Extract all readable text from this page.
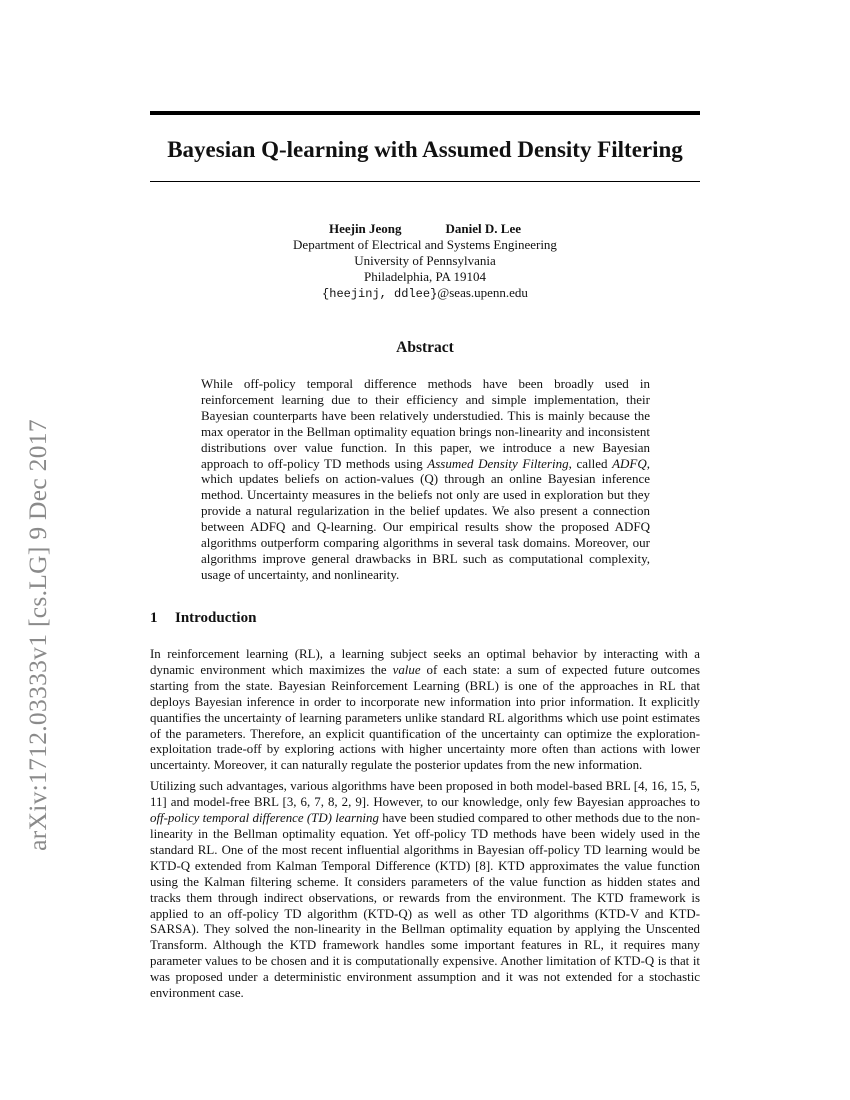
arXiv:1712.03333v1 [cs.LG] 9 Dec 2017
Bayesian Q-learning with Assumed Density Filtering
Heejin Jeong	Daniel D. Lee
Department of Electrical and Systems Engineering
University of Pennsylvania
Philadelphia, PA 19104
{heejinj, ddlee}@seas.upenn.edu
Abstract

While off-policy temporal difference methods have been broadly used in reinforcement learning due to their efficiency and simple implementation, their Bayesian counterparts have been relatively understudied. This is mainly because the max operator in the Bellman optimality equation brings non-linearity and inconsistent distributions over value function. In this paper, we introduce a new Bayesian approach to off-policy TD methods using Assumed Density Filtering, called ADFQ, which updates beliefs on action-values (Q) through an online Bayesian inference method. Uncertainty measures in the beliefs not only are used in exploration but they provide a natural regularization in the belief updates. We also present a connection between ADFQ and Q-learning. Our empirical results show the proposed ADFQ algorithms outperform comparing algorithms in several task domains. Moreover, our algorithms improve general drawbacks in BRL such as computational complexity, usage of uncertainty, and nonlinearity.

1 Introduction

In reinforcement learning (RL), a learning subject seeks an optimal behavior by interacting with a dynamic environment which maximizes the value of each state: a sum of expected future outcomes starting from the state. Bayesian Reinforcement Learning (BRL) is one of the approaches in RL that deploys Bayesian inference in order to incorporate new information into prior information. It explicitly quantifies the uncertainty of learning parameters unlike standard RL algorithms which use point estimates of the parameters. Therefore, an explicit quantification of the uncertainty can optimize the exploration-exploitation trade-off by exploring actions with higher uncertainty more often than actions with lower uncertainty. Moreover, it can naturally regulate the posterior updates from the new information.

Utilizing such advantages, various algorithms have been proposed in both model-based BRL [4, 16, 15, 5, 11] and model-free BRL [3, 6, 7, 8, 2, 9]. However, to our knowledge, only few Bayesian approaches to off-policy temporal difference (TD) learning have been studied compared to other methods due to the non-linearity in the Bellman optimality equation. Yet off-policy TD methods have been widely used in the standard RL. One of the most recent influential algorithms in Bayesian off-policy TD learning would be KTD-Q extended from Kalman Temporal Difference (KTD) [8]. KTD approximates the value function using the Kalman filtering scheme. It considers parameters of the value function as hidden states and tracks them through indirect observations, or rewards from the environment. The KTD framework is applied to an off-policy TD algorithm (KTD-Q) as well as other TD algorithms (KTD-V and KTD-SARSA). They solved the non-linearity in the Bellman optimality equation by applying the Unscented Transform. Although the KTD framework handles some important features in RL, it requires many parameter values to be chosen and it is computationally expensive. Another limitation of KTD-Q is that it was proposed under a deterministic environment assumption and it was not extended for a stochastic environment case.
